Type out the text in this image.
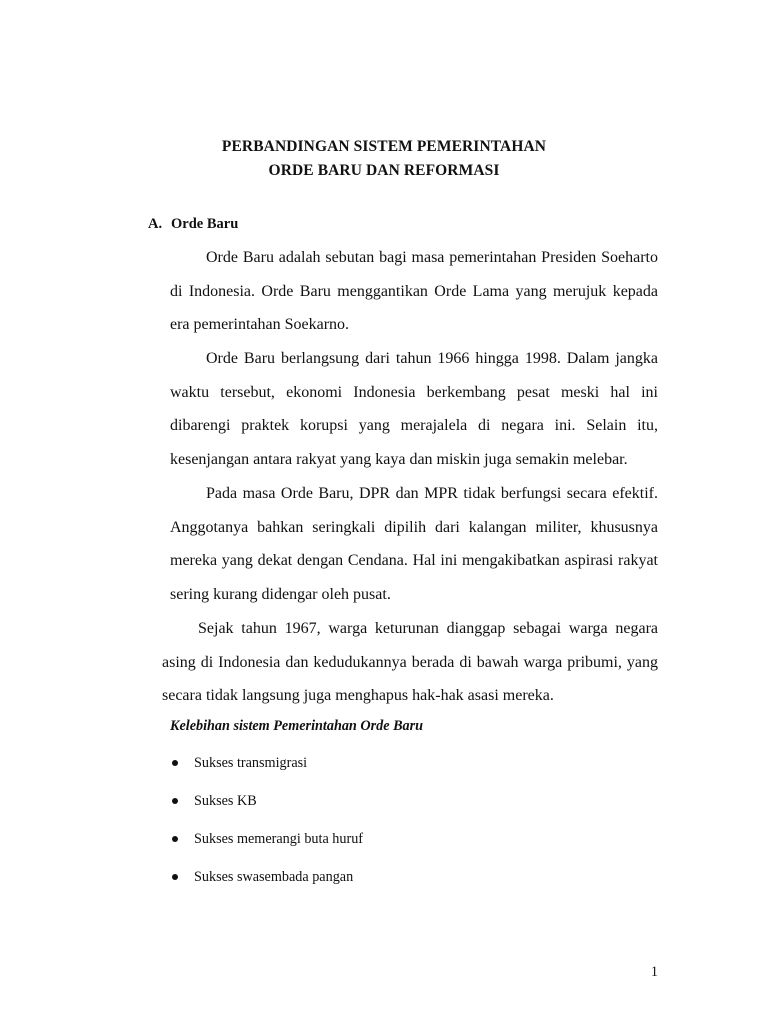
PERBANDINGAN SISTEM PEMERINTAHAN
ORDE BARU DAN REFORMASI
A. Orde Baru

Orde Baru adalah sebutan bagi masa pemerintahan Presiden Soeharto di Indonesia. Orde Baru menggantikan Orde Lama yang merujuk kepada era pemerintahan Soekarno.

Orde Baru berlangsung dari tahun 1966 hingga 1998. Dalam jangka waktu tersebut, ekonomi Indonesia berkembang pesat meski hal ini dibarengi praktek korupsi yang merajalela di negara ini. Selain itu, kesenjangan antara rakyat yang kaya dan miskin juga semakin melebar.

Pada masa Orde Baru, DPR dan MPR tidak berfungsi secara efektif. Anggotanya bahkan seringkali dipilih dari kalangan militer, khususnya mereka yang dekat dengan Cendana. Hal ini mengakibatkan aspirasi rakyat sering kurang didengar oleh pusat.

Sejak tahun 1967, warga keturunan dianggap sebagai warga negara asing di Indonesia dan kedudukannya berada di bawah warga pribumi, yang secara tidak langsung juga menghapus hak-hak asasi mereka.

Kelebihan sistem Pemerintahan Orde Baru
Sukses transmigrasi
Sukses KB
Sukses memerangi buta huruf
Sukses swasembada pangan
1
